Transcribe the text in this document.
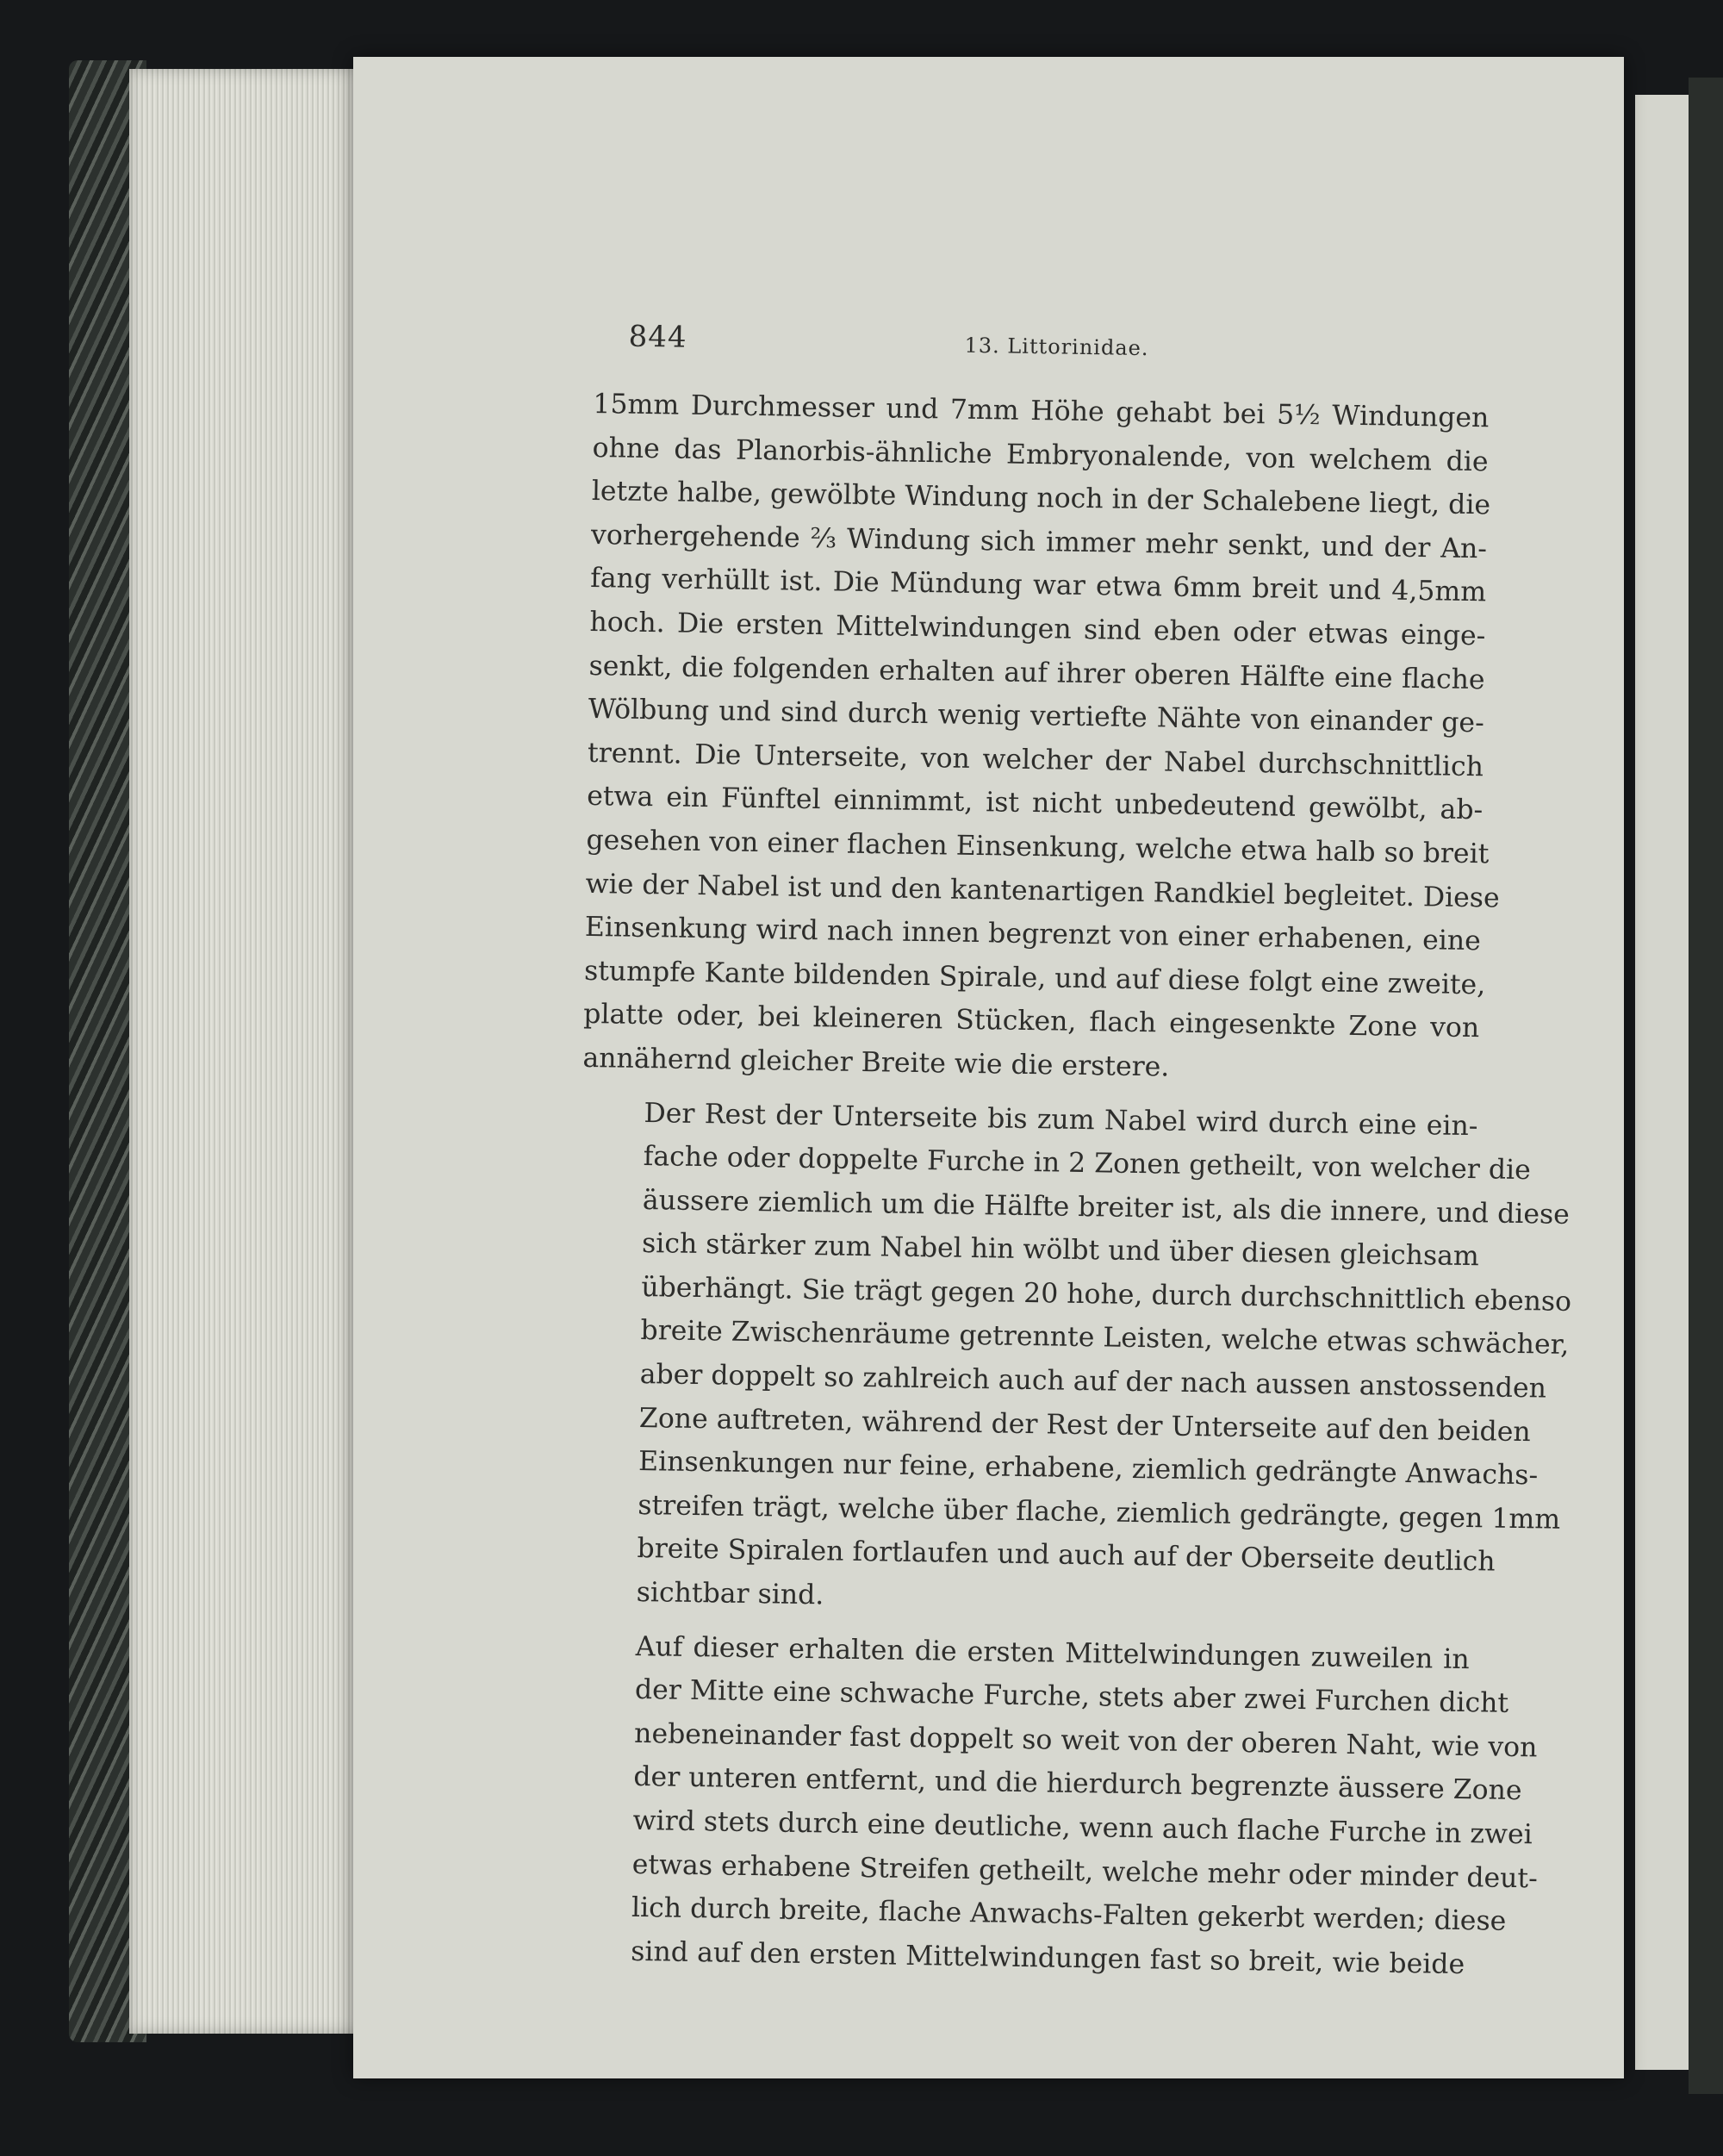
844	13. Littorinidae.

15mm Durchmesser und 7mm Höhe gehabt bei 5½ Windungen
ohne das Planorbis-ähnliche Embryonalende, von welchem die
letzte halbe, gewölbte Windung noch in der Schalebene liegt, die
vorhergehende ⅔ Windung sich immer mehr senkt, und der An-
fang verhüllt ist. Die Mündung war etwa 6mm breit und 4,5mm
hoch. Die ersten Mittelwindungen sind eben oder etwas einge-
senkt, die folgenden erhalten auf ihrer oberen Hälfte eine flache
Wölbung und sind durch wenig vertiefte Nähte von einander ge-
trennt. Die Unterseite, von welcher der Nabel durchschnittlich
etwa ein Fünftel einnimmt, ist nicht unbedeutend gewölbt, ab-
gesehen von einer flachen Einsenkung, welche etwa halb so breit
wie der Nabel ist und den kantenartigen Randkiel begleitet. Diese
Einsenkung wird nach innen begrenzt von einer erhabenen, eine
stumpfe Kante bildenden Spirale, und auf diese folgt eine zweite,
platte oder, bei kleineren Stücken, flach eingesenkte Zone von
annähernd gleicher Breite wie die erstere.

Der Rest der Unterseite bis zum Nabel wird durch eine ein-
fache oder doppelte Furche in 2 Zonen getheilt, von welcher die
äussere ziemlich um die Hälfte breiter ist, als die innere, und diese
sich stärker zum Nabel hin wölbt und über diesen gleichsam
überhängt. Sie trägt gegen 20 hohe, durch durchschnittlich ebenso
breite Zwischenräume getrennte Leisten, welche etwas schwächer,
aber doppelt so zahlreich auch auf der nach aussen anstossenden
Zone auftreten, während der Rest der Unterseite auf den beiden
Einsenkungen nur feine, erhabene, ziemlich gedrängte Anwachs-
streifen trägt, welche über flache, ziemlich gedrängte, gegen 1mm
breite Spiralen fortlaufen und auch auf der Oberseite deutlich
sichtbar sind.

Auf dieser erhalten die ersten Mittelwindungen zuweilen in
der Mitte eine schwache Furche, stets aber zwei Furchen dicht
nebeneinander fast doppelt so weit von der oberen Naht, wie von
der unteren entfernt, und die hierdurch begrenzte äussere Zone
wird stets durch eine deutliche, wenn auch flache Furche in zwei
etwas erhabene Streifen getheilt, welche mehr oder minder deut-
lich durch breite, flache Anwachs-Falten gekerbt werden; diese
sind auf den ersten Mittelwindungen fast so breit, wie beide
